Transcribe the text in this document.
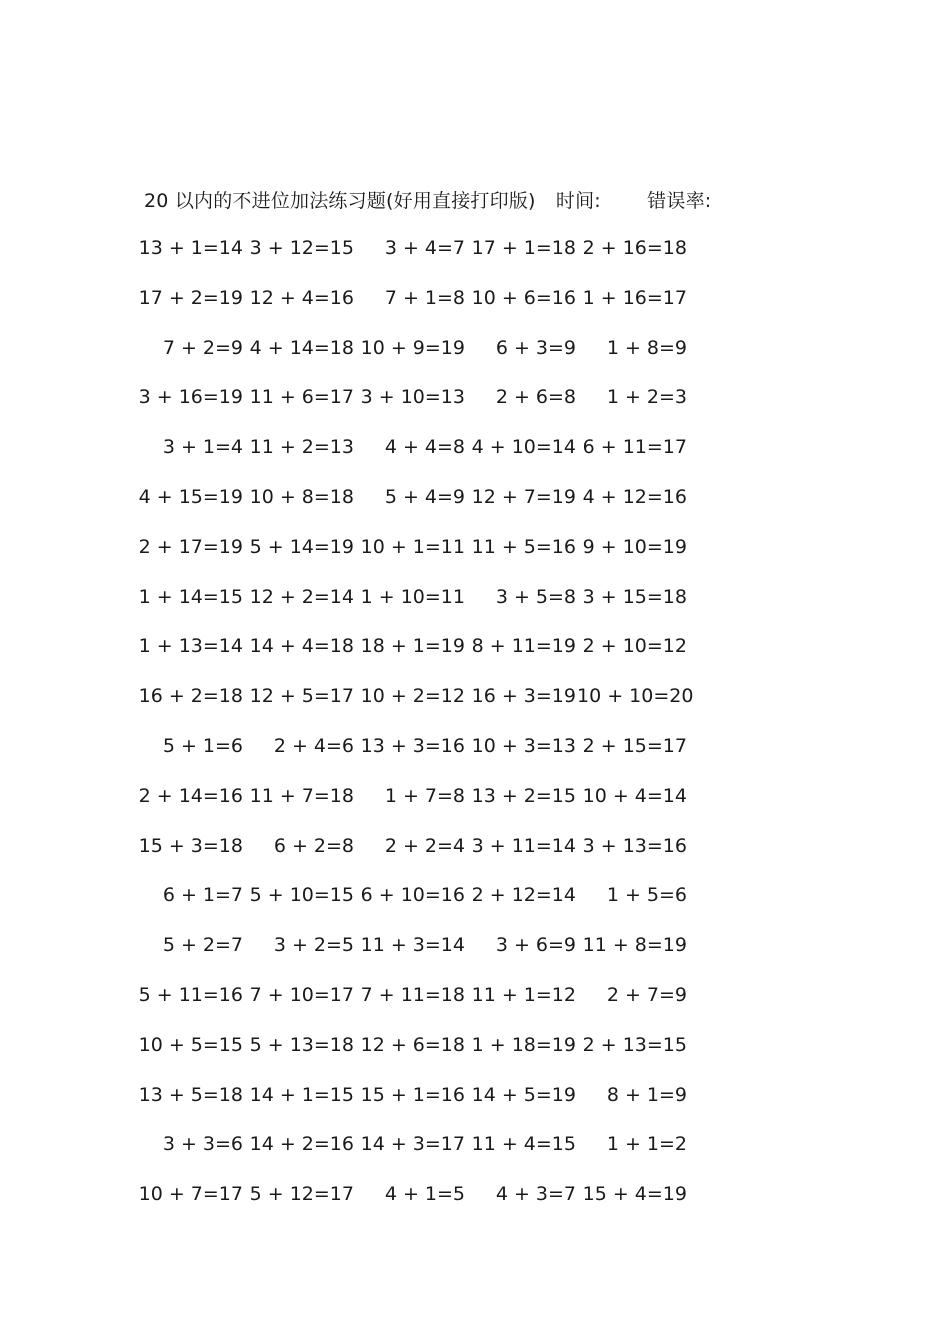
20 以内的不进位加法练习题(好用直接打印版) 时间: 错误率:
13 + 1=14 3 + 12=15	3 + 4=7 17 + 1=18 2 + 16=18
17 + 2=19 12 + 4=16	7 + 1=8 10 + 6=16 1 + 16=17
7 + 2=9 4 + 14=18 10 + 9=19	6 + 3=9	1 + 8=9
3 + 16=19 11 + 6=17 3 + 10=13	2 + 6=8	1 + 2=3
3 + 1=4 11 + 2=13	4 + 4=8 4 + 10=14 6 + 11=17
4 + 15=19 10 + 8=18	5 + 4=9 12 + 7=19 4 + 12=16
2 + 17=19 5 + 14=19 10 + 1=11 11 + 5=16 9 + 10=19
1 + 14=15 12 + 2=14 1 + 10=11	3 + 5=8 3 + 15=18
1 + 13=14 14 + 4=18 18 + 1=19 8 + 11=19 2 + 10=12
16 + 2=18 12 + 5=17 10 + 2=12 16 + 3=19 10 + 10=20
5 + 1=6	2 + 4=6 13 + 3=16 10 + 3=13 2 + 15=17
2 + 14=16 11 + 7=18	1 + 7=8 13 + 2=15 10 + 4=14
15 + 3=18	6 + 2=8	2 + 2=4 3 + 11=14 3 + 13=16
6 + 1=7 5 + 10=15 6 + 10=16 2 + 12=14	1 + 5=6
5 + 2=7	3 + 2=5 11 + 3=14	3 + 6=9 11 + 8=19
5 + 11=16 7 + 10=17 7 + 11=18 11 + 1=12	2 + 7=9
10 + 5=15 5 + 13=18 12 + 6=18 1 + 18=19 2 + 13=15
13 + 5=18 14 + 1=15 15 + 1=16 14 + 5=19	8 + 1=9
3 + 3=6 14 + 2=16 14 + 3=17 11 + 4=15	1 + 1=2
10 + 7=17 5 + 12=17	4 + 1=5	4 + 3=7 15 + 4=19
